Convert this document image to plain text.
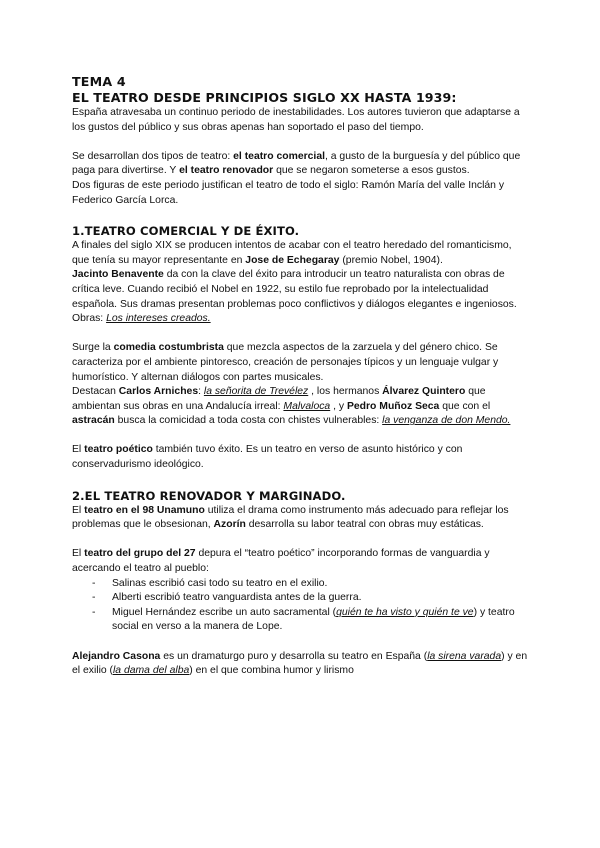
TEMA 4
EL TEATRO DESDE PRINCIPIOS SIGLO XX HASTA 1939:

España atravesaba un continuo periodo de inestabilidades. Los autores tuvieron que adaptarse a los gustos del público y sus obras apenas han soportado el paso del tiempo.

Se desarrollan dos tipos de teatro: el teatro comercial, a gusto de la burguesía y del público que paga para divertirse. Y el teatro renovador que se negaron someterse a esos gustos.

Dos figuras de este periodo justifican el teatro de todo el siglo: Ramón María del valle Inclán y Federico García Lorca.

1.TEATRO COMERCIAL Y DE ÉXITO.

A finales del siglo XIX se producen intentos de acabar con el teatro heredado del romanticismo, que tenía su mayor representante en Jose de Echegaray (premio Nobel, 1904).

Jacinto Benavente da con la clave del éxito para introducir un teatro naturalista con obras de crítica leve. Cuando recibió el Nobel en 1922, su estilo fue reprobado por la intelectualidad española. Sus dramas presentan problemas poco conflictivos y diálogos elegantes e ingeniosos.

Obras: Los intereses creados.

Surge la comedia costumbrista que mezcla aspectos de la zarzuela y del género chico. Se caracteriza por el ambiente pintoresco, creación de personajes típicos y un lenguaje vulgar y humorístico. Y alternan diálogos con partes musicales.

Destacan Carlos Arniches: la señorita de Trevélez , los hermanos Álvarez Quintero que ambientan sus obras en una Andalucía irreal: Malvaloca , y Pedro Muñoz Seca que con el astracán busca la comicidad a toda costa con chistes vulnerables: la venganza de don Mendo.

El teatro poético también tuvo éxito. Es un teatro en verso de asunto histórico y con conservadurismo ideológico.

2.EL TEATRO RENOVADOR Y MARGINADO.

El teatro en el 98 Unamuno utiliza el drama como instrumento más adecuado para reflejar los problemas que le obsesionan, Azorín desarrolla su labor teatral con obras muy estáticas.

El teatro del grupo del 27 depura el “teatro poético” incorporando formas de vanguardia y acercando el teatro al pueblo:

- Salinas escribió casi todo su teatro en el exilio.
- Alberti escribió teatro vanguardista antes de la guerra.
- Miguel Hernández escribe un auto sacramental (quién te ha visto y quién te ve) y teatro social en verso a la manera de Lope.

Alejandro Casona es un dramaturgo puro y desarrolla su teatro en España (la sirena varada) y en el exilio (la dama del alba) en el que combina humor y lirismo
